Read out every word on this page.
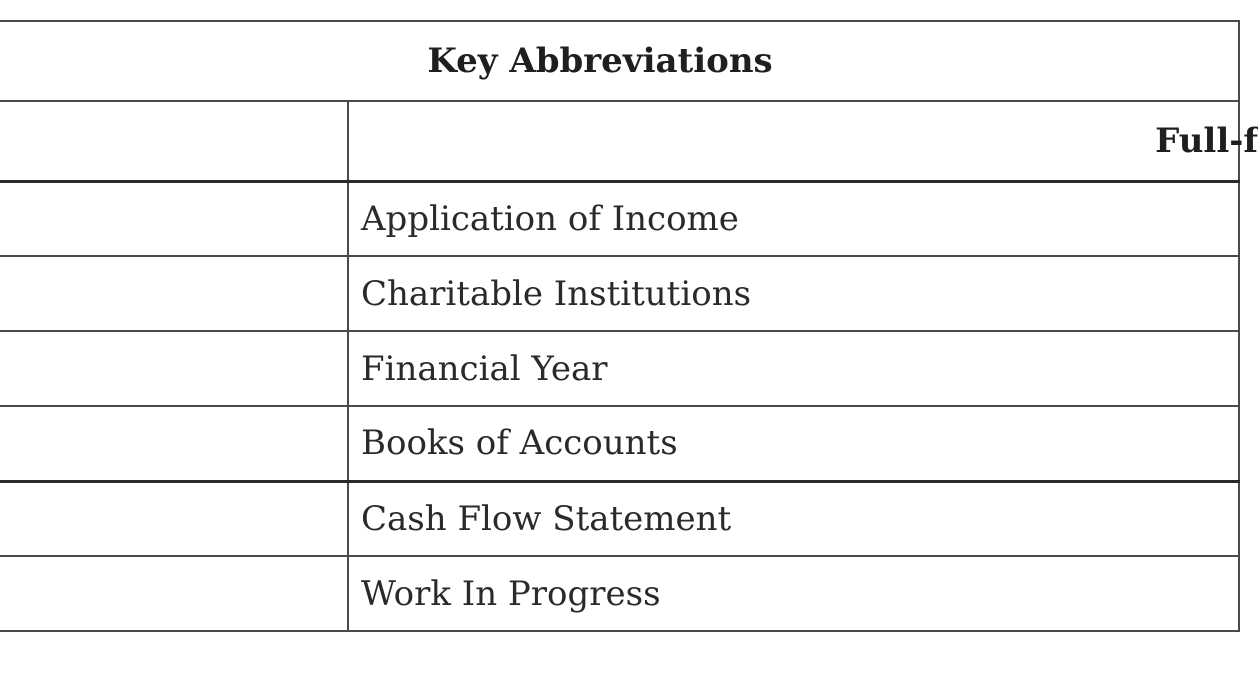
Key Abbreviations	
	Full-f
	Application of Income
	Charitable Institutions
	Financial Year
	Books of Accounts
	Cash Flow Statement
	Work In Progress
